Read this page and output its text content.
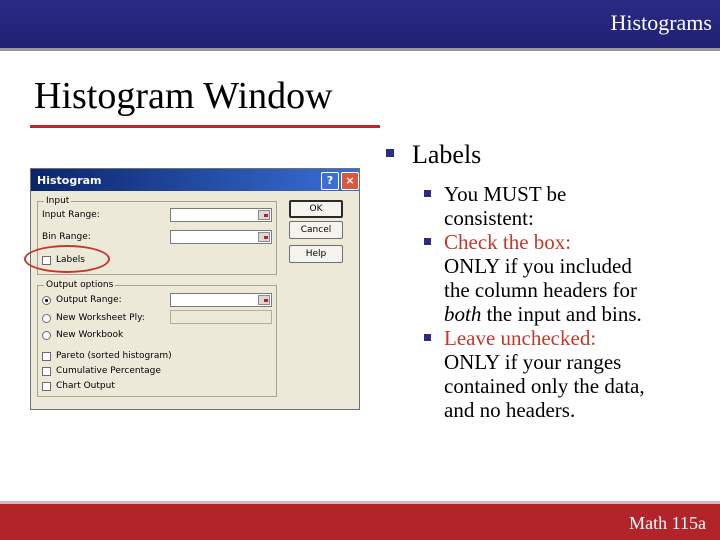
Histograms
Histogram Window
Histogram	?	×
Input
Input Range:
Bin Range:
Labels
Output options
Output Range:
New Worksheet Ply:
New Workbook
Pareto (sorted histogram)
Cumulative Percentage
Chart Output
OK
Cancel
Help
Labels
You MUST be
consistent:
Check the box:
ONLY if you included
the column headers for
both the input and bins.
Leave unchecked:
ONLY if your ranges
contained only the data,
and no headers.
Math 115a
